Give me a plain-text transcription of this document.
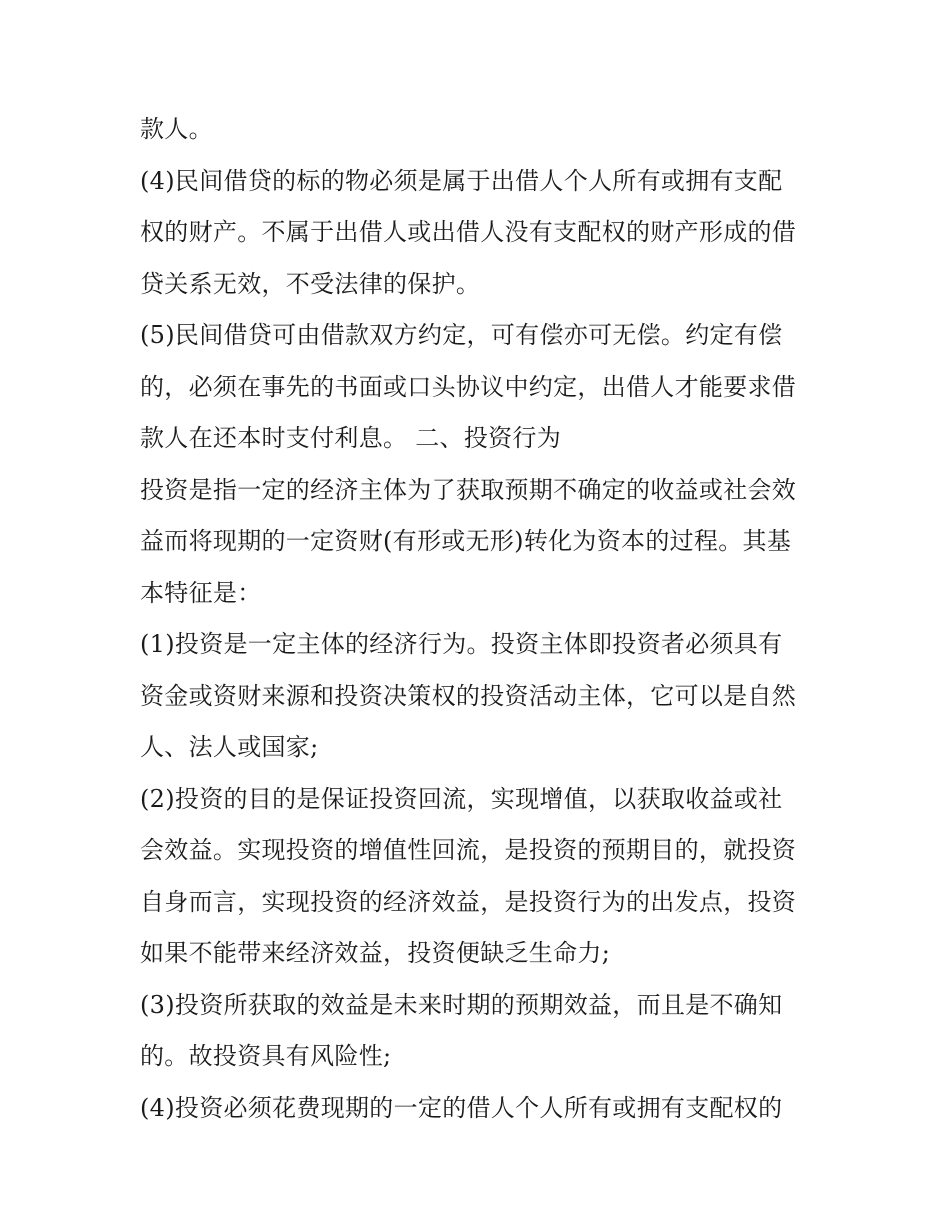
款人。
(4)民间借贷的标的物必须是属于出借人个人所有或拥有支配
权的财产。不属于出借人或出借人没有支配权的财产形成的借
贷关系无效，不受法律的保护。
(5)民间借贷可由借款双方约定，可有偿亦可无偿。约定有偿
的，必须在事先的书面或口头协议中约定，出借人才能要求借
款人在还本时支付利息。 二、投资行为
投资是指一定的经济主体为了获取预期不确定的收益或社会效
益而将现期的一定资财(有形或无形)转化为资本的过程。其基
本特征是：
(1)投资是一定主体的经济行为。投资主体即投资者必须具有
资金或资财来源和投资决策权的投资活动主体，它可以是自然
人、法人或国家;
(2)投资的目的是保证投资回流，实现增值，以获取收益或社
会效益。实现投资的增值性回流，是投资的预期目的，就投资
自身而言，实现投资的经济效益，是投资行为的出发点，投资
如果不能带来经济效益，投资便缺乏生命力;
(3)投资所获取的效益是未来时期的预期效益，而且是不确知
的。故投资具有风险性;
(4)投资必须花费现期的一定的借人个人所有或拥有支配权的
